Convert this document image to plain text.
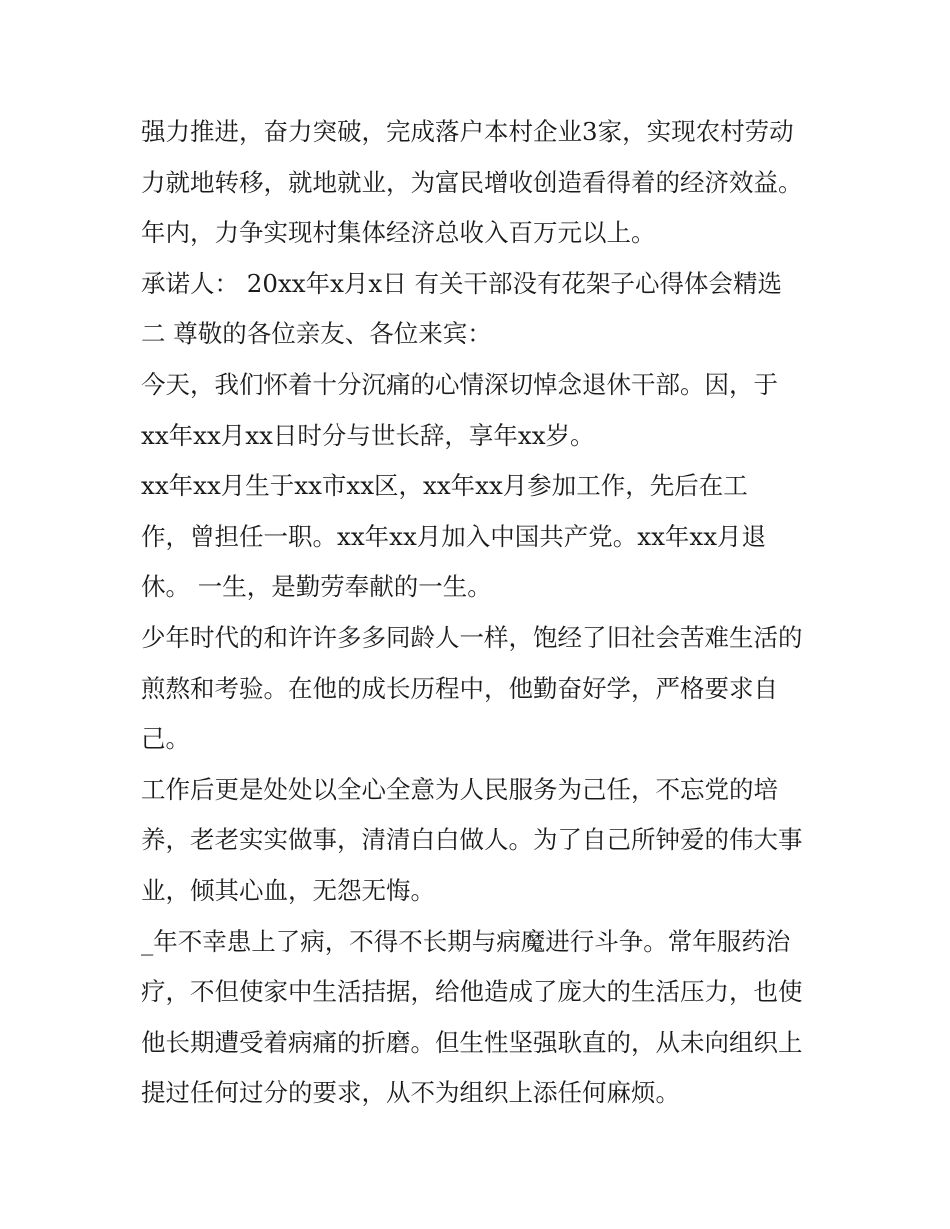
强力推进，奋力突破，完成落户本村企业3家，实现农村劳动
力就地转移，就地就业，为富民增收创造看得着的经济效益。
年内，力争实现村集体经济总收入百万元以上。
承诺人： 20xx年x月x日 有关干部没有花架子心得体会精选
二 尊敬的各位亲友、各位来宾：
今天，我们怀着十分沉痛的心情深切悼念退休干部。因，于
xx年xx月xx日时分与世长辞，享年xx岁。
xx年xx月生于xx市xx区，xx年xx月参加工作，先后在工
作，曾担任一职。xx年xx月加入中国共产党。xx年xx月退
休。 一生，是勤劳奉献的一生。
少年时代的和许许多多同龄人一样，饱经了旧社会苦难生活的
煎熬和考验。在他的成长历程中，他勤奋好学，严格要求自
己。
工作后更是处处以全心全意为人民服务为己任，不忘党的培
养，老老实实做事，清清白白做人。为了自己所钟爱的伟大事
业，倾其心血，无怨无悔。
_年不幸患上了病，不得不长期与病魔进行斗争。常年服药治
疗，不但使家中生活拮据，给他造成了庞大的生活压力，也使
他长期遭受着病痛的折磨。但生性坚强耿直的，从未向组织上
提过任何过分的要求，从不为组织上添任何麻烦。
